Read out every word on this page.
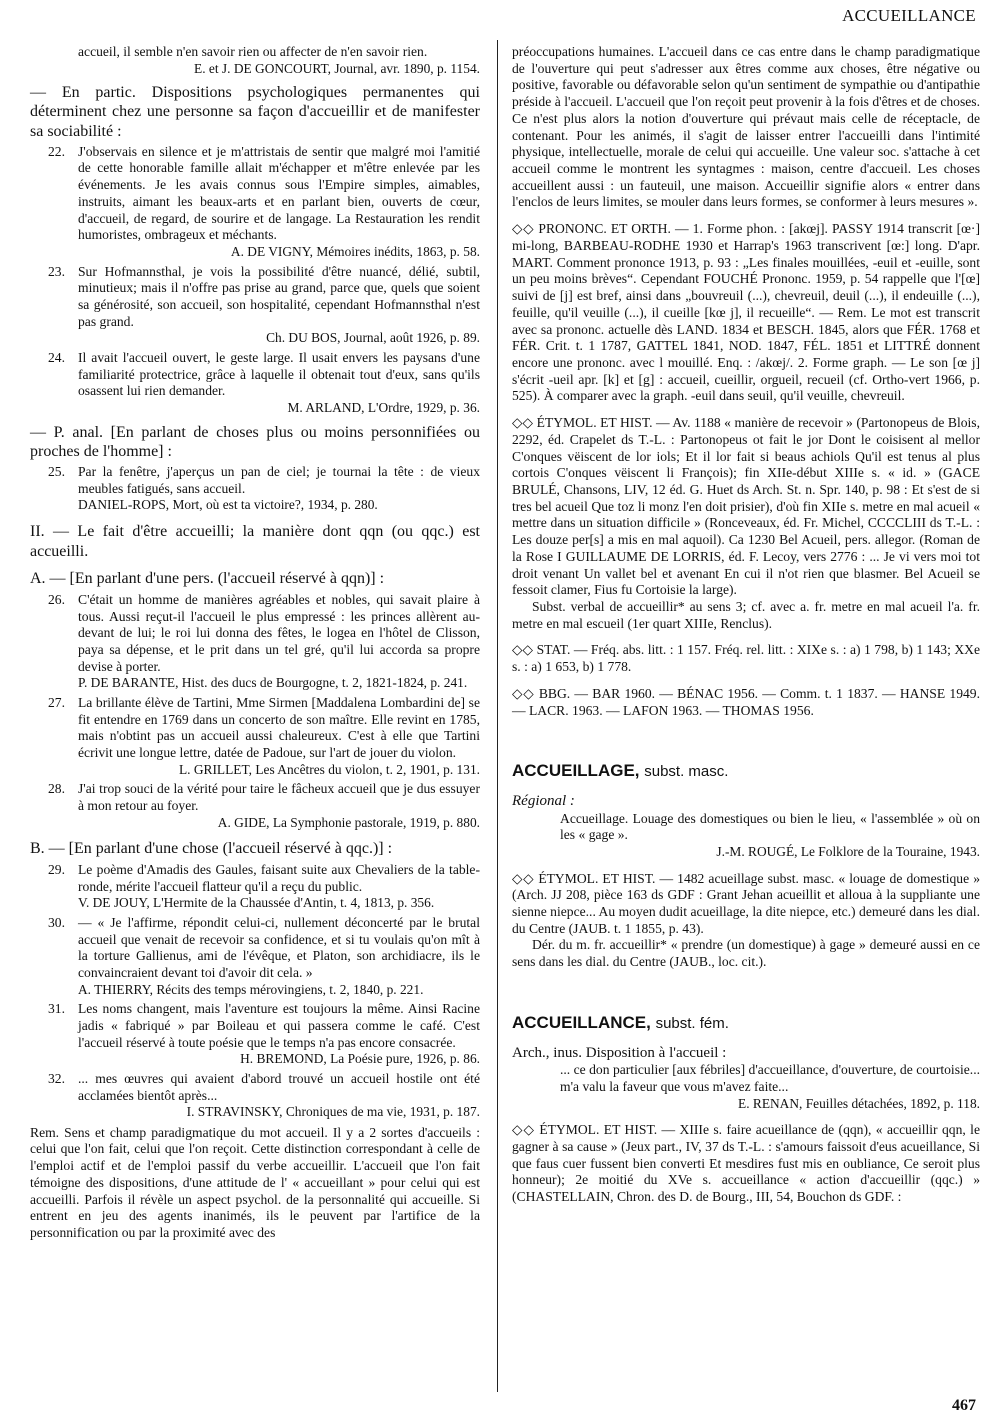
ACCUEILLANCE

accueil, il semble n'en savoir rien ou affecter de n'en savoir rien.

E. et J. DE GONCOURT, Journal, avr. 1890, p. 1154.

— En partic. Dispositions psychologiques permanentes qui déterminent chez une personne sa façon d'accueillir et de manifester sa sociabilité :

22. J'observais en silence et je m'attristais de sentir que malgré moi l'amitié de cette honorable famille allait m'échapper et m'être enlevée par les événements. Je les avais connus sous l'Empire simples, aimables, instruits, aimant les beaux-arts et en parlant bien, ouverts de cœur, d'accueil, de regard, de sourire et de langage. La Restauration les rendit humoristes, ombrageux et méchants.

A. DE VIGNY, Mémoires inédits, 1863, p. 58.

23. Sur Hofmannsthal, je vois la possibilité d'être nuancé, délié, subtil, minutieux; mais il n'offre pas prise au grand, parce que, quels que soient sa générosité, son accueil, son hospitalité, cependant Hofmannsthal n'est pas grand.

Ch. DU BOS, Journal, août 1926, p. 89.

24. Il avait l'accueil ouvert, le geste large. Il usait envers les paysans d'une familiarité protectrice, grâce à laquelle il obtenait tout d'eux, sans qu'ils osassent lui rien demander.

M. ARLAND, L'Ordre, 1929, p. 36.

— P. anal. [En parlant de choses plus ou moins personnifiées ou proches de l'homme] :

25. Par la fenêtre, j'aperçus un pan de ciel; je tournai la tête : de vieux meubles fatigués, sans accueil.

DANIEL-ROPS, Mort, où est ta victoire?, 1934, p. 280.

II. — Le fait d'être accueilli; la manière dont qqn (ou qqc.) est accueilli.

A. — [En parlant d'une pers. (l'accueil réservé à qqn)] :

26. C'était un homme de manières agréables et nobles, qui savait plaire à tous. Aussi reçut-il l'accueil le plus empressé : les princes allèrent au-devant de lui; le roi lui donna des fêtes, le logea en l'hôtel de Clisson, paya sa dépense, et le prit dans un tel gré, qu'il lui accorda sa propre devise à porter.

P. DE BARANTE, Hist. des ducs de Bourgogne, t. 2, 1821-1824, p. 241.

27. La brillante élève de Tartini, Mme Sirmen [Maddalena Lombardini de] se fit entendre en 1769 dans un concerto de son maître. Elle revint en 1785, mais n'obtint pas un accueil aussi chaleureux. C'est à elle que Tartini écrivit une longue lettre, datée de Padoue, sur l'art de jouer du violon.

L. GRILLET, Les Ancêtres du violon, t. 2, 1901, p. 131.

28. J'ai trop souci de la vérité pour taire le fâcheux accueil que je dus essuyer à mon retour au foyer.

A. GIDE, La Symphonie pastorale, 1919, p. 880.

B. — [En parlant d'une chose (l'accueil réservé à qqc.)] :

29. Le poème d'Amadis des Gaules, faisant suite aux Chevaliers de la table-ronde, mérite l'accueil flatteur qu'il a reçu du public.

V. DE JOUY, L'Hermite de la Chaussée d'Antin, t. 4, 1813, p. 356.

30. — « Je l'affirme, répondit celui-ci, nullement déconcerté par le brutal accueil que venait de recevoir sa confidence, et si tu voulais qu'on mît à la torture Gallienus, ami de l'évêque, et Platon, son archidiacre, ils le convaincraient devant toi d'avoir dit cela. »

A. THIERRY, Récits des temps mérovingiens, t. 2, 1840, p. 221.

31. Les noms changent, mais l'aventure est toujours la même. Ainsi Racine jadis « fabriqué » par Boileau et qui passera comme le café. C'est l'accueil réservé à toute poésie que le temps n'a pas encore consacrée.

H. BREMOND, La Poésie pure, 1926, p. 86.

32. ... mes œuvres qui avaient d'abord trouvé un accueil hostile ont été acclamées bientôt après...

I. STRAVINSKY, Chroniques de ma vie, 1931, p. 187.

Rem. Sens et champ paradigmatique du mot accueil. Il y a 2 sortes d'accueils : celui que l'on fait, celui que l'on reçoit. Cette distinction correspondant à celle de l'emploi actif et de l'emploi passif du verbe accueillir. L'accueil que l'on fait témoigne des dispositions, d'une attitude de l' « accueillant » pour celui qui est accueilli. Parfois il révèle un aspect psychol. de la personnalité qui accueille. Si entrent en jeu des agents inanimés, ils le peuvent par l'artifice de la personnification ou par la proximité avec des

préoccupations humaines. L'accueil dans ce cas entre dans le champ paradigmatique de l'ouverture qui peut s'adresser aux êtres comme aux choses, être négative ou positive, favorable ou défavorable selon qu'un sentiment de sympathie ou d'antipathie préside à l'accueil. L'accueil que l'on reçoit peut provenir à la fois d'êtres et de choses. Ce n'est plus alors la notion d'ouverture qui prévaut mais celle de réceptacle, de contenant. Pour les animés, il s'agit de laisser entrer l'accueilli dans l'intimité physique, intellectuelle, morale de celui qui accueille. Une valeur soc. s'attache à cet accueil comme le montrent les syntagmes : maison, centre d'accueil. Les choses accueillent aussi : un fauteuil, une maison. Accueillir signifie alors « entrer dans l'enclos de leurs limites, se mouler dans leurs formes, se conformer à leurs mesures ».

◇◇ PRONONC. ET ORTH. — 1. Forme phon. : [akœj]. PASSY 1914 transcrit [œ·] mi-long, BARBEAU-RODHE 1930 et Harrap's 1963 transcrivent [œ:] long. D'apr. MART. Comment prononce 1913, p. 93 : „Les finales mouillées, -euil et -euille, sont un peu moins brèves“. Cependant FOUCHÉ Prononc. 1959, p. 54 rappelle que l'[œ] suivi de [j] est bref, ainsi dans „bouvreuil (...), chevreuil, deuil (...), il endeuille (...), feuille, qu'il veuille (...), il cueille [kœ j], il recueille“. — Rem. Le mot est transcrit avec sa prononc. actuelle dès LAND. 1834 et BESCH. 1845, alors que FÉR. 1768 et FÉR. Crit. t. 1 1787, GATTEL 1841, NOD. 1847, FÉL. 1851 et LITTRÉ donnent encore une prononc. avec l mouillé. Enq. : /akœj/. 2. Forme graph. — Le son [œ j] s'écrit -ueil apr. [k] et [g] : accueil, cueillir, orgueil, recueil (cf. Ortho-vert 1966, p. 525). À comparer avec la graph. -euil dans seuil, qu'il veuille, chevreuil.

◇◇ ÉTYMOL. ET HIST. — Av. 1188 « manière de recevoir » (Partonopeus de Blois, 2292, éd. Crapelet ds T.-L. : Partonopeus ot fait le jor Dont le coisisent al mellor C'onques vëiscent de lor iols; Et il lor fait si beaus achiols Qu'il est tenus al plus cortois C'onques vëiscent li François); fin XIIe-début XIIIe s. « id. » (GACE BRULÉ, Chansons, LIV, 12 éd. G. Huet ds Arch. St. n. Spr. 140, p. 98 : Et s'est de si tres bel acueil Que toz li monz l'en doit prisier), d'où fin XIIe s. metre en mal acueil « mettre dans un situation difficile » (Ronceveaux, éd. Fr. Michel, CCCCLIII ds T.-L. : Les douze per[s] a mis en mal aquoil). Ca 1230 Bel Acueil, pers. allegor. (Roman de la Rose I GUILLAUME DE LORRIS, éd. F. Lecoy, vers 2776 : ... Je vi vers moi tot droit venant Un vallet bel et avenant En cui il n'ot rien que blasmer. Bel Acueil se fessoit clamer, Fius fu Cortoisie la large).

Subst. verbal de accueillir* au sens 3; cf. avec a. fr. metre en mal acueil l'a. fr. metre en mal escueil (1er quart XIIIe, Renclus).

◇◇ STAT. — Fréq. abs. litt. : 1 157. Fréq. rel. litt. : XIXe s. : a) 1 798, b) 1 143; XXe s. : a) 1 653, b) 1 778.

◇◇ BBG. — BAR 1960. — BÉNAC 1956. — Comm. t. 1 1837. — HANSE 1949. — LACR. 1963. — LAFON 1963. — THOMAS 1956.

ACCUEILLAGE, subst. masc.

Régional :

Accueillage. Louage des domestiques ou bien le lieu, « l'assemblée » où on les « gage ».

J.-M. ROUGÉ, Le Folklore de la Touraine, 1943.

◇◇ ÉTYMOL. ET HIST. — 1482 acueillage subst. masc. « louage de domestique » (Arch. JJ 208, pièce 163 ds GDF : Grant Jehan acueillit et alloua à la suppliante une sienne niepce... Au moyen dudit acueillage, la dite niepce, etc.) demeuré dans les dial. du Centre (JAUB. t. 1 1855, p. 43).

Dér. du m. fr. accueillir* « prendre (un domestique) à gage » demeuré aussi en ce sens dans les dial. du Centre (JAUB., loc. cit.).

ACCUEILLANCE, subst. fém.

Arch., inus. Disposition à l'accueil :

... ce don particulier [aux fébriles] d'accueillance, d'ouverture, de courtoisie... m'a valu la faveur que vous m'avez faite...

E. RENAN, Feuilles détachées, 1892, p. 118.

◇◇ ÉTYMOL. ET HIST. — XIIIe s. faire acueillance de (qqn), « accueillir qqn, le gagner à sa cause » (Jeux part., IV, 37 ds T.-L. : s'amours faissoit d'eus acueillance, Si que faus cuer fussent bien converti Et mesdires fust mis en oubliance, Ce seroit plus honneur); 2e moitié du XVe s. accueillance « action d'accueillir (qqc.) » (CHASTELLAIN, Chron. des D. de Bourg., III, 54, Bouchon ds GDF. :

467
